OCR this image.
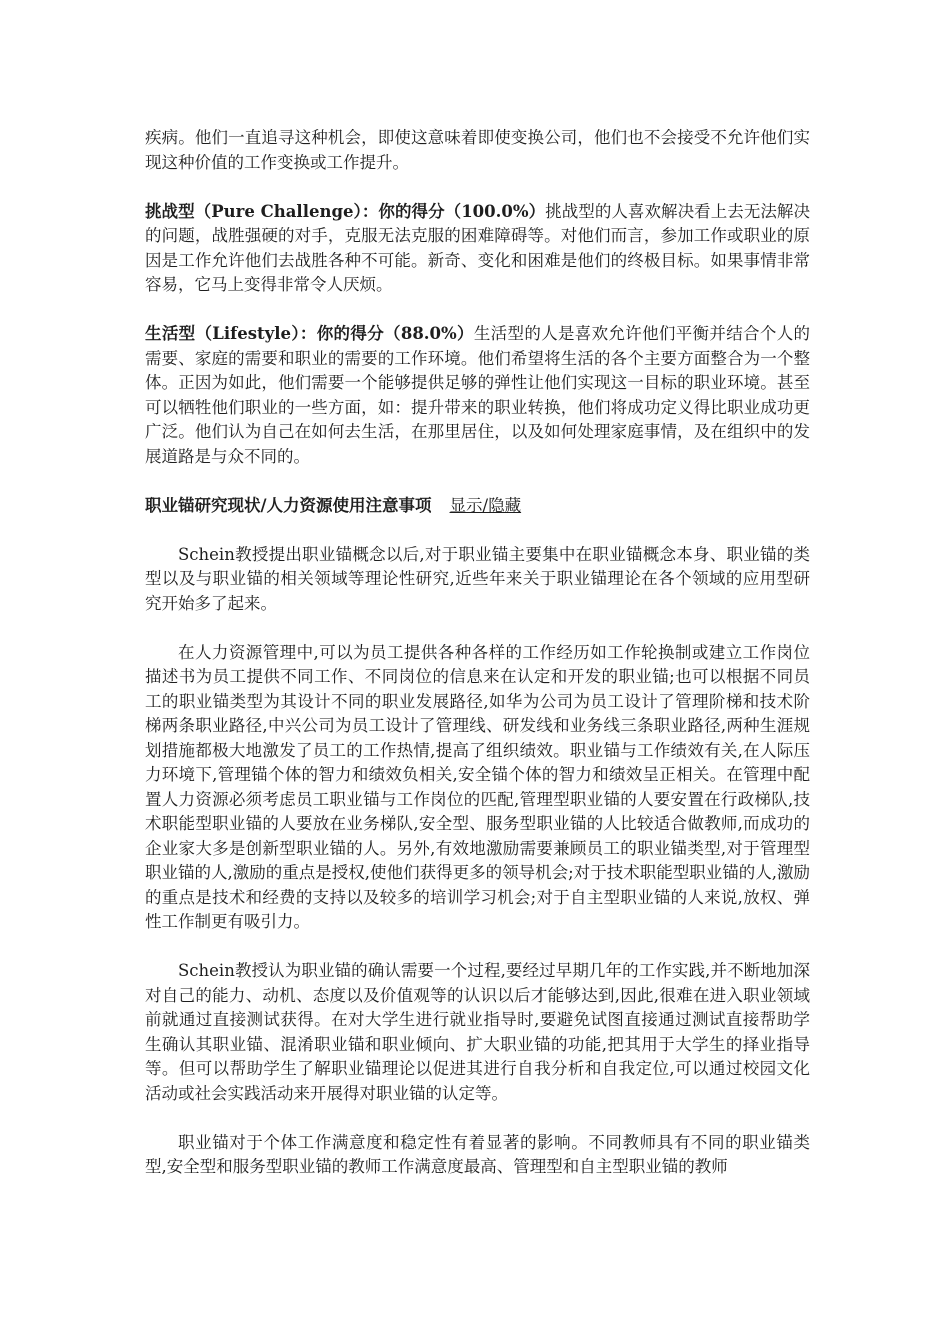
疾病。他们一直追寻这种机会，即使这意味着即使变换公司，他们也不会接受不允许他们实现这种价值的工作变换或工作提升。

挑战型（Pure Challenge）：你的得分（100.0%）挑战型的人喜欢解决看上去无法解决的问题，战胜强硬的对手，克服无法克服的困难障碍等。对他们而言，参加工作或职业的原因是工作允许他们去战胜各种不可能。新奇、变化和困难是他们的终极目标。如果事情非常容易，它马上变得非常令人厌烦。

生活型（Lifestyle）：你的得分（88.0%）生活型的人是喜欢允许他们平衡并结合个人的需要、家庭的需要和职业的需要的工作环境。他们希望将生活的各个主要方面整合为一个整体。正因为如此，他们需要一个能够提供足够的弹性让他们实现这一目标的职业环境。甚至可以牺牲他们职业的一些方面，如：提升带来的职业转换，他们将成功定义得比职业成功更广泛。他们认为自己在如何去生活，在那里居住，以及如何处理家庭事情，及在组织中的发展道路是与众不同的。

职业锚研究现状/人力资源使用注意事项 显示/隐藏

Schein教授提出职业锚概念以后,对于职业锚主要集中在职业锚概念本身、职业锚的类型以及与职业锚的相关领域等理论性研究,近些年来关于职业锚理论在各个领域的应用型研究开始多了起来。

在人力资源管理中,可以为员工提供各种各样的工作经历如工作轮换制或建立工作岗位描述书为员工提供不同工作、不同岗位的信息来在认定和开发的职业锚;也可以根据不同员工的职业锚类型为其设计不同的职业发展路径,如华为公司为员工设计了管理阶梯和技术阶梯两条职业路径,中兴公司为员工设计了管理线、研发线和业务线三条职业路径,两种生涯规划措施都极大地激发了员工的工作热情,提高了组织绩效。职业锚与工作绩效有关,在人际压力环境下,管理锚个体的智力和绩效负相关,安全锚个体的智力和绩效呈正相关。在管理中配置人力资源必须考虑员工职业锚与工作岗位的匹配,管理型职业锚的人要安置在行政梯队,技术职能型职业锚的人要放在业务梯队,安全型、服务型职业锚的人比较适合做教师,而成功的企业家大多是创新型职业锚的人。另外,有效地激励需要兼顾员工的职业锚类型,对于管理型职业锚的人,激励的重点是授权,使他们获得更多的领导机会;对于技术职能型职业锚的人,激励的重点是技术和经费的支持以及较多的培训学习机会;对于自主型职业锚的人来说,放权、弹性工作制更有吸引力。

Schein教授认为职业锚的确认需要一个过程,要经过早期几年的工作实践,并不断地加深对自己的能力、动机、态度以及价值观等的认识以后才能够达到,因此,很难在进入职业领域前就通过直接测试获得。在对大学生进行就业指导时,要避免试图直接通过测试直接帮助学生确认其职业锚、混淆职业锚和职业倾向、扩大职业锚的功能,把其用于大学生的择业指导等。但可以帮助学生了解职业锚理论以促进其进行自我分析和自我定位,可以通过校园文化活动或社会实践活动来开展得对职业锚的认定等。

职业锚对于个体工作满意度和稳定性有着显著的影响。不同教师具有不同的职业锚类型,安全型和服务型职业锚的教师工作满意度最高、管理型和自主型职业锚的教师
